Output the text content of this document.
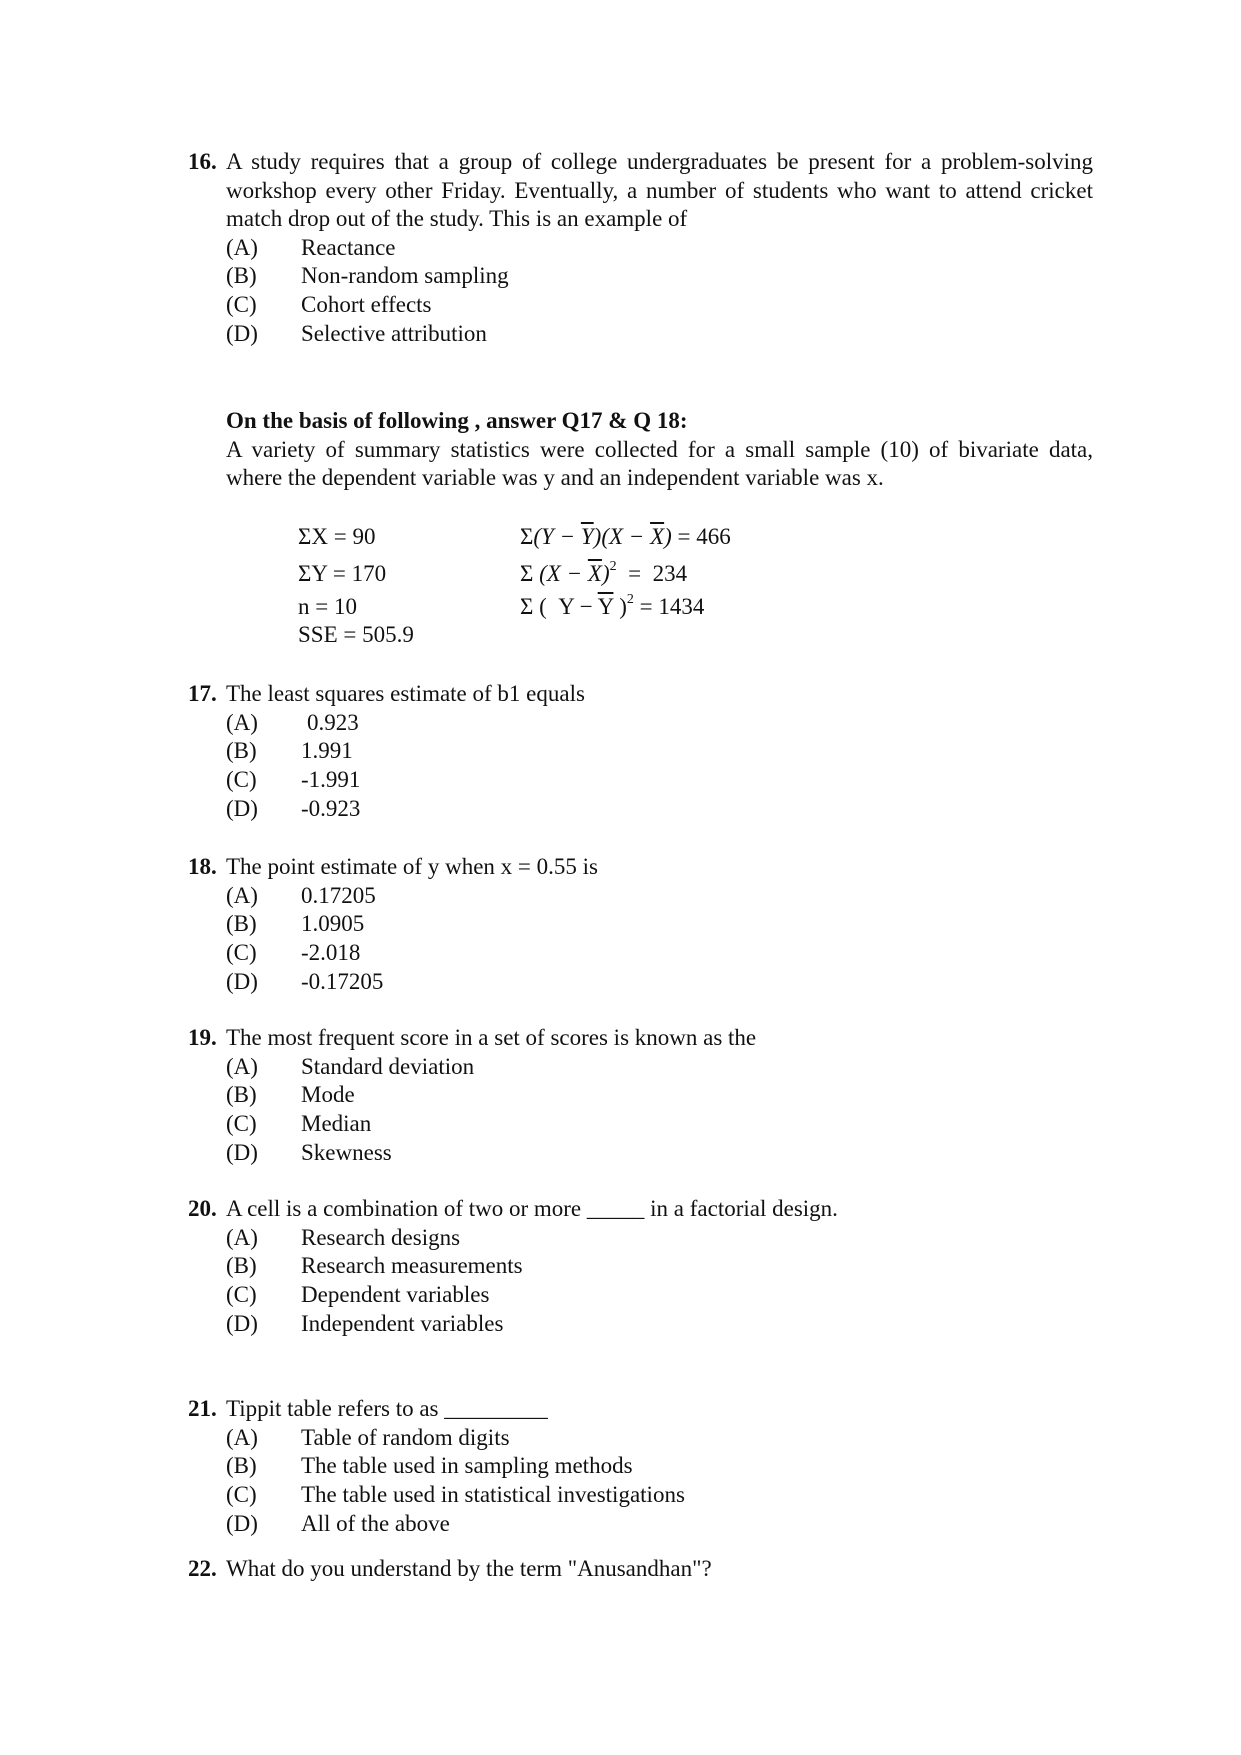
16. A study requires that a group of college undergraduates be present for a problem-solving workshop every other Friday. Eventually, a number of students who want to attend cricket match drop out of the study. This is an example of
(A) Reactance
(B) Non-random sampling
(C) Cohort effects
(D) Selective attribution
On the basis of following , answer Q17 & Q 18:
A variety of summary statistics were collected for a small sample (10) of bivariate data, where the dependent variable was y and an independent variable was x.
ΣX = 90
ΣY = 170
n = 10
SSE = 505.9
$\Sigma(Y - \overline{Y})(X - \overline{X}) = 466$
Σ $(X - \overline{X})^2 = 234$
Σ (  $Y - \overline{Y}$ )$^2$ = 1434
17. The least squares estimate of b1 equals
(A) 0.923
(B) 1.991
(C) -1.991
(D) -0.923
18. The point estimate of y when x = 0.55 is
(A) 0.17205
(B) 1.0905
(C) -2.018
(D) -0.17205
19. The most frequent score in a set of scores is known as the
(A) Standard deviation
(B) Mode
(C) Median
(D) Skewness
20. A cell is a combination of two or more _____ in a factorial design.
(A) Research designs
(B) Research measurements
(C) Dependent variables
(D) Independent variables
21. Tippit table refers to as _________
(A) Table of random digits
(B) The table used in sampling methods
(C) The table used in statistical investigations
(D) All of the above
22. What do you understand by the term "Anusandhan"?
